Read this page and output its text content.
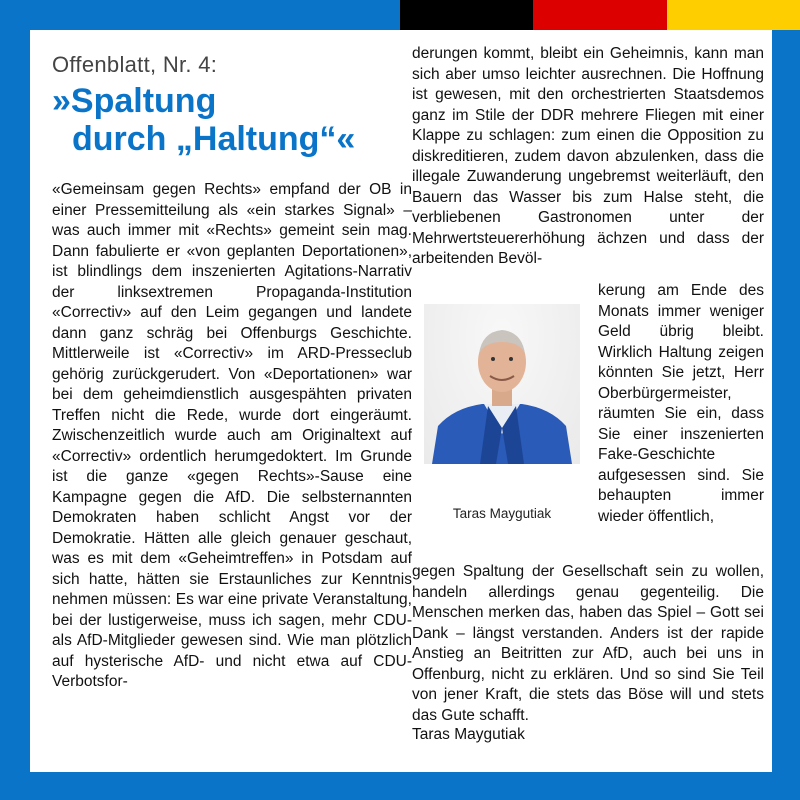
Offenblatt, Nr. 4:
»Spaltung
durch „Haltung“«

«Gemeinsam gegen Rechts» empfand der OB in einer Pressemitteilung als «ein starkes Signal» – was auch immer mit «Rechts» gemeint sein mag. Dann fabulierte er «von geplanten Deportationen», ist blindlings dem inszenierten Agitations-Narrativ der linksextremen Propaganda-Institution «Correctiv» auf den Leim gegangen und landete dann ganz schräg bei Offenburgs Geschichte. Mittlerweile ist «Correctiv» im ARD-Presseclub gehörig zurückgerudert. Von «Deportationen» war bei dem geheimdienstlich ausgespähten privaten Treffen nicht die Rede, wurde dort eingeräumt. Zwischenzeitlich wurde auch am Originaltext auf «Correctiv» ordentlich herumgedoktert. Im Grunde ist die ganze «gegen Rechts»-Sause eine Kampagne gegen die AfD. Die selbsternannten Demokraten haben schlicht Angst vor der Demokratie. Hätten alle gleich genauer geschaut, was es mit dem «Geheimtreffen» in Potsdam auf sich hatte, hätten sie Erstaunliches zur Kenntnis nehmen müssen: Es war eine private Veranstaltung, bei der lustigerweise, muss ich sagen, mehr CDU- als AfD-Mitglieder gewesen sind. Wie man plötzlich auf hysterische AfD- und nicht etwa auf CDU-Verbotsfor-

derungen kommt, bleibt ein Geheimnis, kann man sich aber umso leichter ausrechnen. Die Hoffnung ist gewesen, mit den orchestrierten Staatsdemos ganz im Stile der DDR mehrere Fliegen mit einer Klappe zu schlagen: zum einen die Opposition zu diskreditieren, zudem davon abzulenken, dass die illegale Zuwanderung ungebremst weiterläuft, den Bauern das Wasser bis zum Halse steht, die verbliebenen Gastronomen unter der Mehrwertsteuererhöhung ächzen und dass der arbeitenden Bevöl-

Taras Maygutiak

kerung am Ende des Monats immer weniger Geld übrig bleibt. Wirklich Haltung zeigen könnten Sie jetzt, Herr Oberbürgermeister, räumten Sie ein, dass Sie einer inszenierten Fake-Geschichte aufgesessen sind. Sie behaupten immer wieder öffentlich,

gegen Spaltung der Gesellschaft sein zu wollen, handeln allerdings genau gegenteilig. Die Menschen merken das, haben das Spiel – Gott sei Dank – längst verstanden. Anders ist der rapide Anstieg an Beitritten zur AfD, auch bei uns in Offenburg, nicht zu erklären. Und so sind Sie Teil von jener Kraft, die stets das Böse will und stets das Gute schafft.

Taras Maygutiak
